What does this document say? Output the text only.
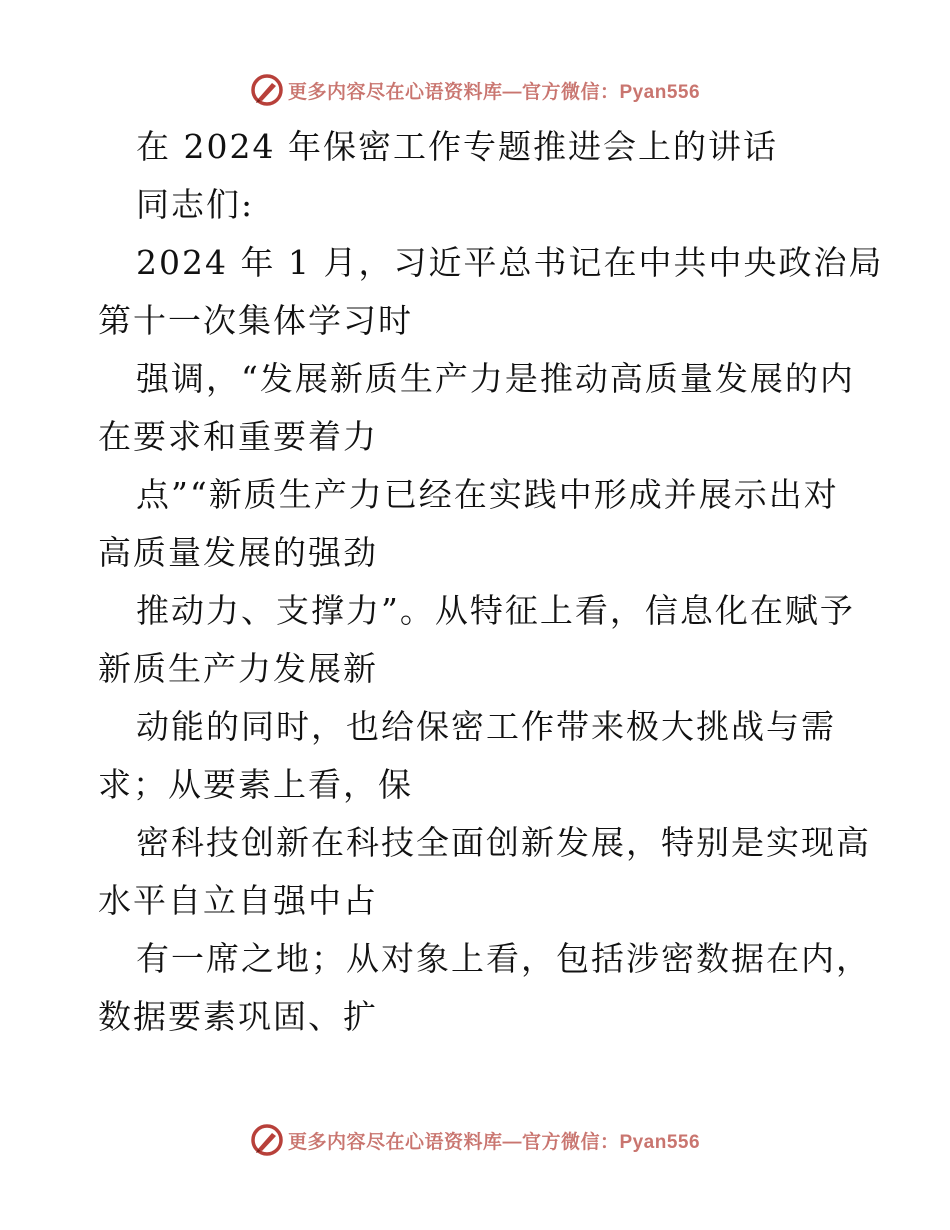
更多内容尽在心语资料库—官方微信：Pyan556
在 2024 年保密工作专题推进会上的讲话
同志们:
2024 年 1 月，习近平总书记在中共中央政治局
第十一次集体学习时
强调，“发展新质生产力是推动高质量发展的内
在要求和重要着力
点”“新质生产力已经在实践中形成并展示出对
高质量发展的强劲
推动力、支撑力”。从特征上看，信息化在赋予
新质生产力发展新
动能的同时，也给保密工作带来极大挑战与需
求；从要素上看，保
密科技创新在科技全面创新发展，特别是实现高
水平自立自强中占
有一席之地；从对象上看，包括涉密数据在内，
数据要素巩固、扩
更多内容尽在心语资料库—官方微信：Pyan556
